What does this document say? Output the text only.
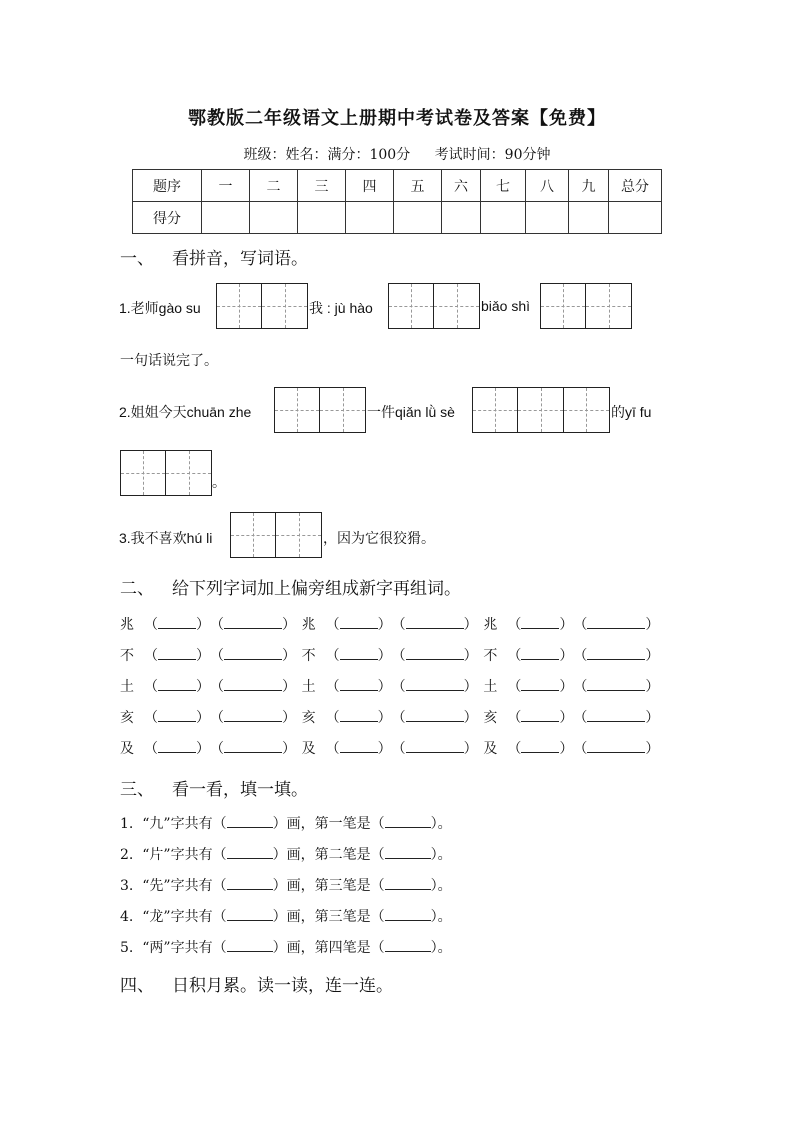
鄂教版二年级语文上册期中考试卷及答案【免费】
班级：姓名：满分：100分 考试时间：90分钟
题序	一	二	三	四	五	六	七	八	九	总分
得分										
一、 看拼音，写词语。
1.老师gào su	我 : jù hào	biǎo shì
一句话说完了。
2.姐姐今天chuān zhe	一件qiǎn lǜ sè	的yī fu
。
3.我不喜欢hú li	，因为它很狡猾。
二、 给下列字词加上偏旁组成新字再组词。
兆 （	） （	） 兆 （	） （	） 兆 （	） （	）
不 （	） （	） 不 （	） （	） 不 （	） （	）
土 （	） （	） 土 （	） （	） 土 （	） （	）
亥 （	） （	） 亥 （	） （	） 亥 （	） （	）
及 （	） （	） 及 （	） （	） 及 （	） （	）
三、 看一看，填一填。
1. “九”字共有（	）画，第一笔是（	）。
2. “片”字共有（	）画，第二笔是（	）。
3. “先”字共有（	）画，第三笔是（	）。
4. “龙”字共有（	）画，第三笔是（	）。
5. “两”字共有（	）画，第四笔是（	）。
四、 日积月累。读一读，连一连。
